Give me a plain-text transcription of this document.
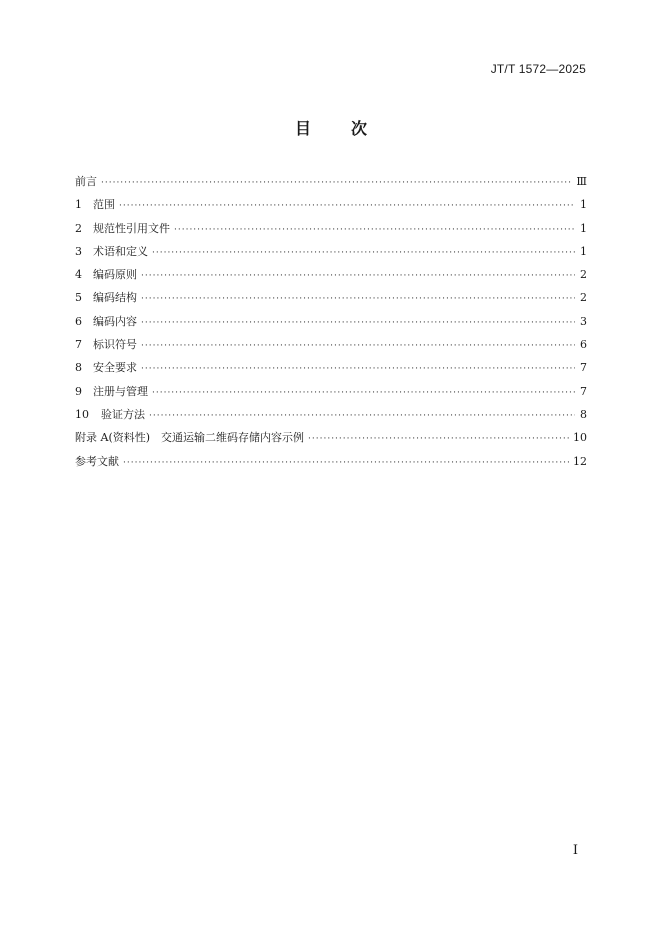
JT/T 1572—2025
目	次
前言 ·····	Ⅲ
1	范围 ·····	1
2	规范性引用文件 ·····	1
3	术语和定义 ·····	1
4	编码原则 ·····	2
5	编码结构 ·····	2
6	编码内容 ·····	3
7	标识符号 ·····	6
8	安全要求 ·····	7
9	注册与管理 ·····	7
10	验证方法 ·····	8
附录 A(资料性)　交通运输二维码存储内容示例 ·····	10
参考文献 ·····	12
Ⅰ
